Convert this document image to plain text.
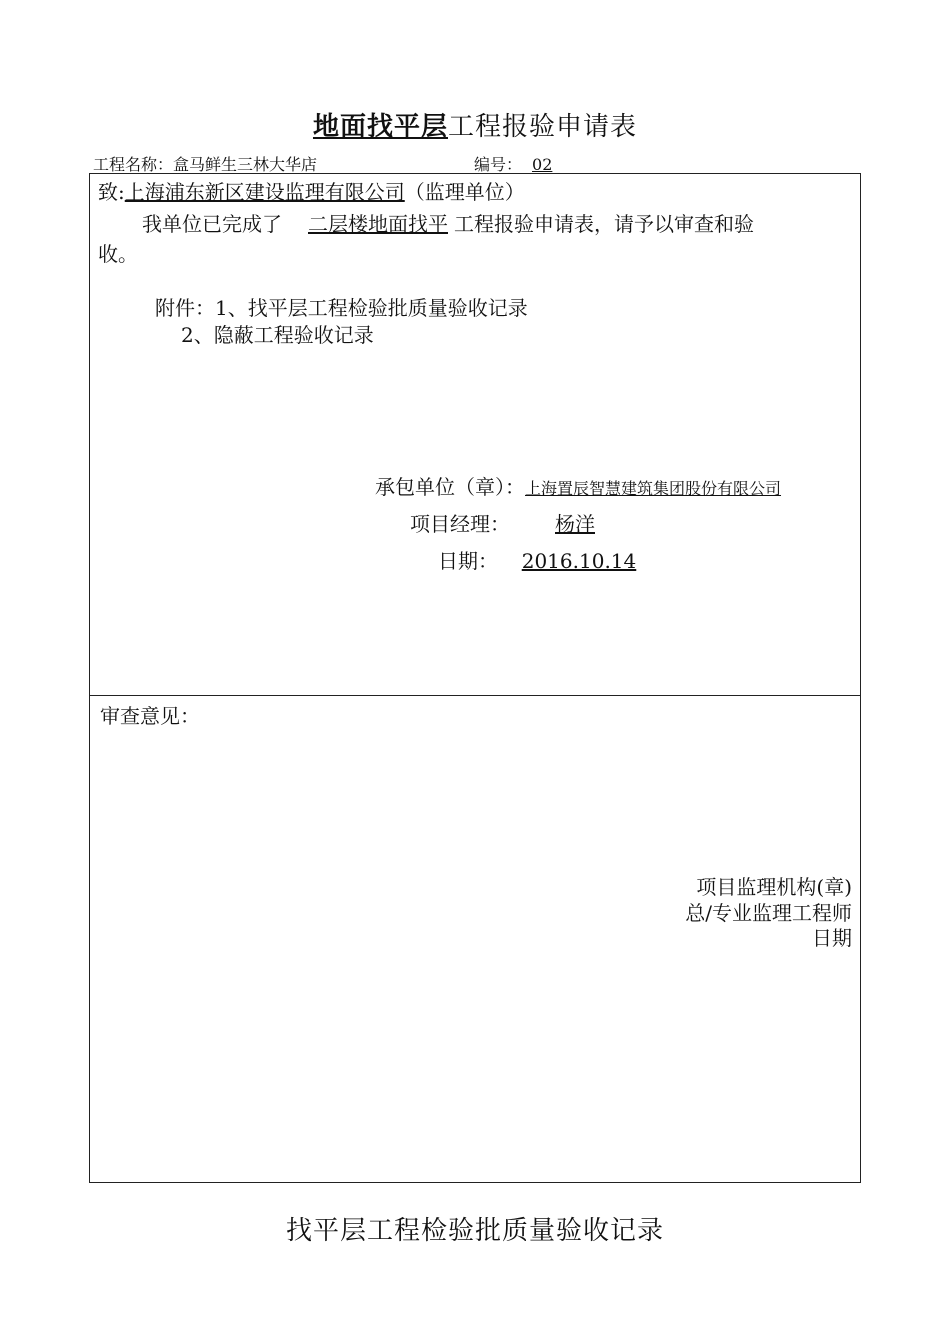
地面找平层工程报验申请表
工程名称：盒马鲜生三林大华店	编号： 02
致:上海浦东新区建设监理有限公司（监理单位）
我单位已完成了 二层楼地面找平 工程报验申请表，请予以审查和验
收。
附件：1、找平层工程检验批质量验收记录
2、隐蔽工程验收记录
承包单位（章）：上海置辰智慧建筑集团股份有限公司
项目经理： 杨洋
日期： 2016.10.14
审查意见：
项目监理机构(章)
总/专业监理工程师
日期
找平层工程检验批质量验收记录
